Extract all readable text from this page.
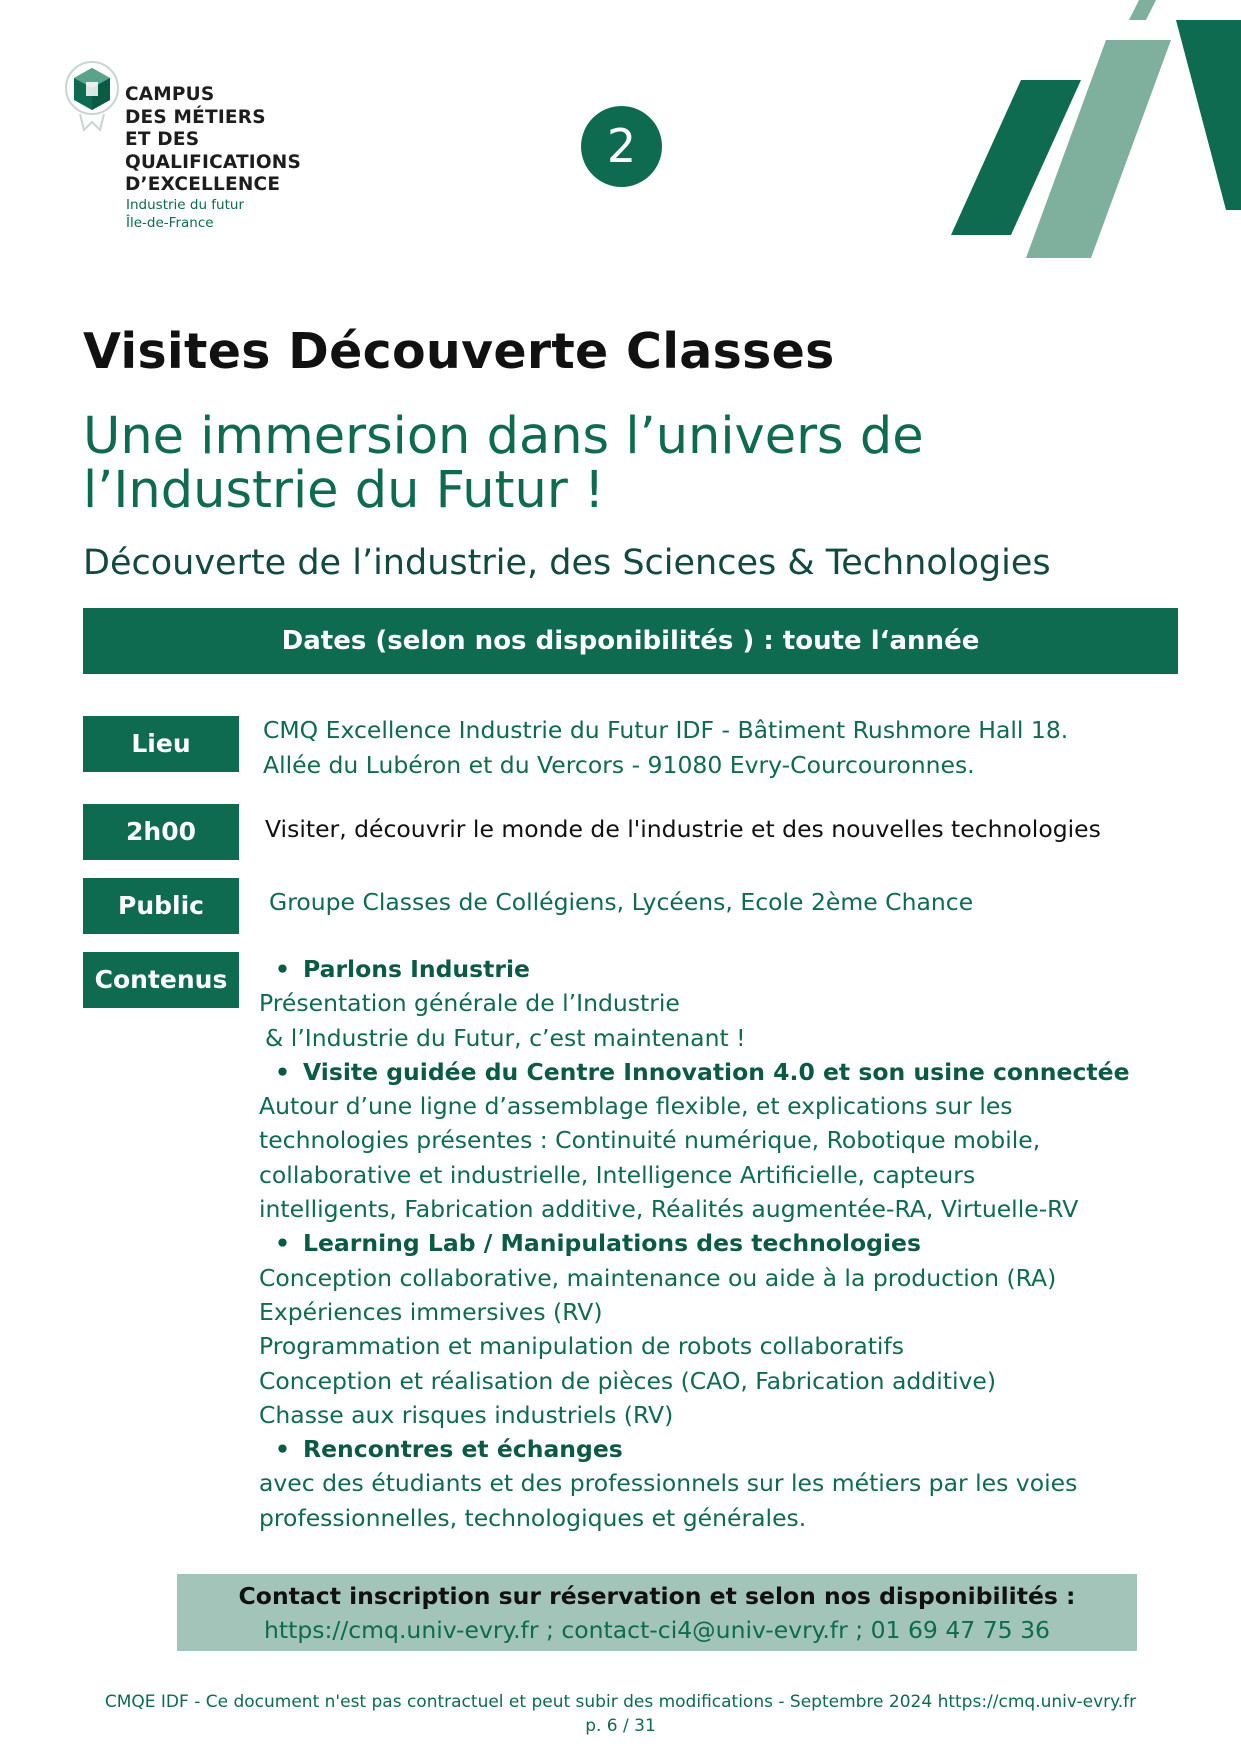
CAMPUS
DES MÉTIERS
ET DES
QUALIFICATIONS
D’EXCELLENCE
Industrie du futur
Île-de-France
2
Visites Découverte Classes
Une immersion dans l’univers de l’Industrie du Futur !
Découverte de l’industrie, des Sciences & Technologies
Dates (selon nos disponibilités ) : toute l‘année
Lieu	CMQ Excellence Industrie du Futur IDF - Bâtiment Rushmore Hall 18.
Allée du Lubéron et du Vercors - 91080 Evry-Courcouronnes.
2h00	Visiter, découvrir le monde de l'industrie et des nouvelles technologies
Public	Groupe Classes de Collégiens, Lycéens, Ecole 2ème Chance
Contenus
•	Parlons Industrie
Présentation générale de l’Industrie
& l’Industrie du Futur, c’est maintenant !
• Visite guidée du Centre Innovation 4.0 et son usine connectée
Autour d’une ligne d’assemblage flexible, et explications sur les
technologies présentes : Continuité numérique, Robotique mobile,
collaborative et industrielle, Intelligence Artificielle, capteurs
intelligents, Fabrication additive, Réalités augmentée-RA, Virtuelle-RV
• Learning Lab / Manipulations des technologies
Conception collaborative, maintenance ou aide à la production (RA)
Expériences immersives (RV)
Programmation et manipulation de robots collaboratifs
Conception et réalisation de pièces (CAO, Fabrication additive)
Chasse aux risques industriels (RV)
• Rencontres et échanges
avec des étudiants et des professionnels sur les métiers par les voies
professionnelles, technologiques et générales.
Contact inscription sur réservation et selon nos disponibilités :
https://cmq.univ-evry.fr ; contact-ci4@univ-evry.fr ; 01 69 47 75 36
CMQE IDF - Ce document n'est pas contractuel et peut subir des modifications - Septembre 2024 https://cmq.univ-evry.fr
p. 6 / 31
